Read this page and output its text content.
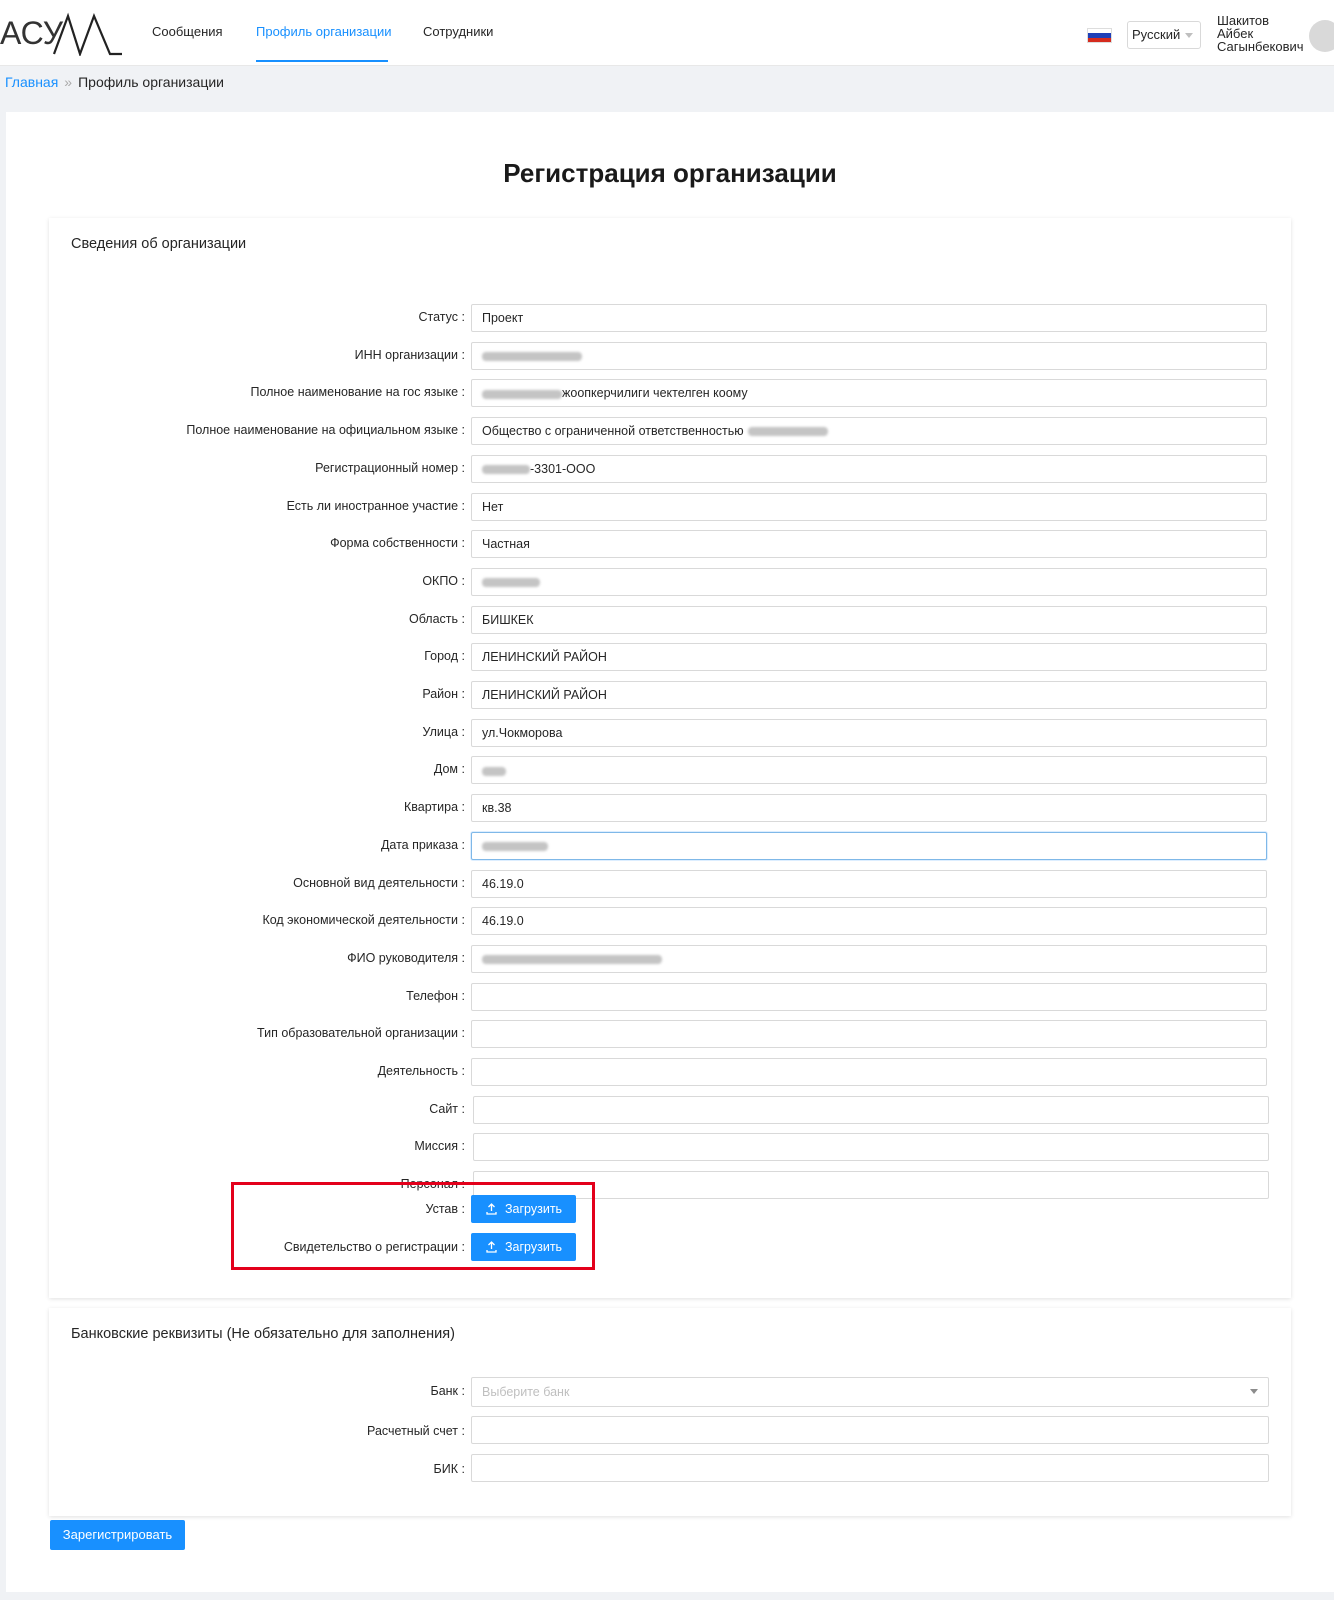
АСУ	Сообщения	Профиль организации Сотрудники	Русский
Шакитов
Айбек
Сагынбекович
Главная » Профиль организации
Регистрация организации
Сведения об организации
Статус :	Проект
ИНН организации :
Полное наименование на гос языке :	жоопкерчилиги чектелген коому
Полное наименование на официальном языке :	Общество с ограниченной ответственностью
Регистрационный номер :	-3301-ООО
Есть ли иностранное участие :	Нет
Форма собственности :	Частная
ОКПО :
Область :	БИШКЕК
Город :	ЛЕНИНСКИЙ РАЙОН
Район :	ЛЕНИНСКИЙ РАЙОН
Улица :	ул.Чокморова
Дом :
Квартира :	кв.38
Дата приказа :
Основной вид деятельности :	46.19.0
Код экономической деятельности :	46.19.0
ФИО руководителя :
Телефон :
Тип образовательной организации :
Деятельность :
Сайт :
Миссия :
Персонал :
Устав :	Загрузить
Свидетельство о регистрации :	Загрузить
Банковские реквизиты (Не обязательно для заполнения)
Банк :	Выберите банк
Расчетный счет :
БИК :
Зарегистрировать
